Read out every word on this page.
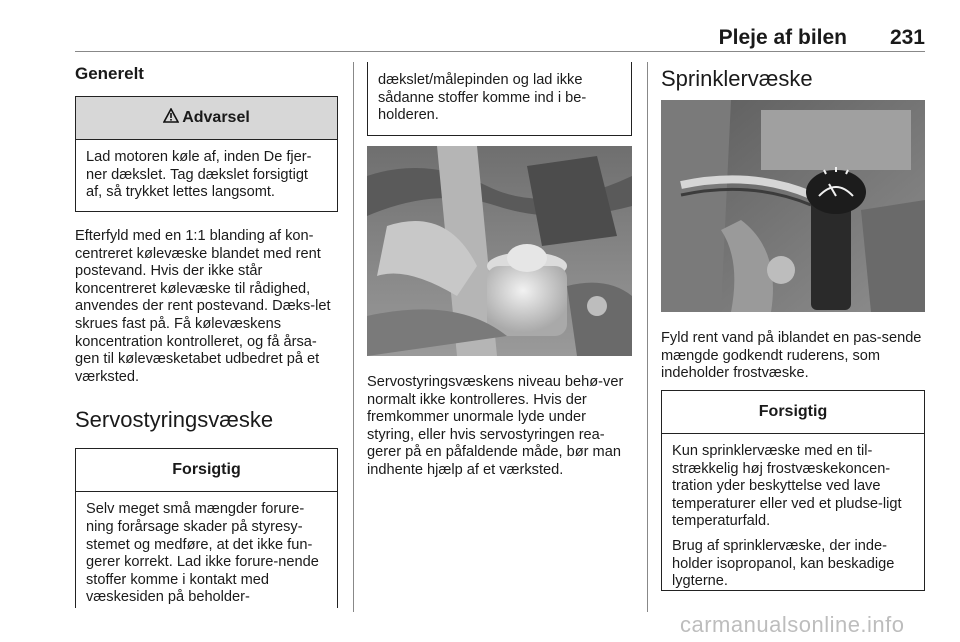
Pleje af bilen 231

Generelt

Advarsel

Lad motoren køle af, inden De fjer-ner dækslet. Tag dækslet forsigtigt af, så trykket lettes langsomt.

Efterfyld med en 1:1 blanding af kon-centreret kølevæske blandet med rent postevand. Hvis der ikke står koncentreret kølevæske til rådighed, anvendes der rent postevand. Dæks-let skrues fast på. Få kølevæskens koncentration kontrolleret, og få årsa-gen til kølevæsketabet udbedret på et værksted.

Servostyringsvæske
Forsigtig

Selv meget små mængder forure-ning forårsage skader på styresy-stemet og medføre, at det ikke fun-gerer korrekt. Lad ikke forure-nende stoffer komme i kontakt med væskesiden på beholder-

dækslet/målepinden og lad ikke sådanne stoffer komme ind i be-holderen.

Servostyringsvæskens niveau behø-ver normalt ikke kontrolleres. Hvis der fremkommer unormale lyde under styring, eller hvis servostyringen rea-gerer på en påfaldende måde, bør man indhente hjælp af et værksted.

Sprinklervæske

Fyld rent vand på iblandet en pas-sende mængde godkendt ruderens, som indeholder frostvæske.

Forsigtig

Kun sprinklervæske med en til-strækkelig høj frostvæskekoncen-tration yder beskyttelse ved lave temperaturer eller ved et pludse-ligt temperaturfald.

Brug af sprinklervæske, der inde-holder isopropanol, kan beskadige lygterne.

carmanualsonline.info
